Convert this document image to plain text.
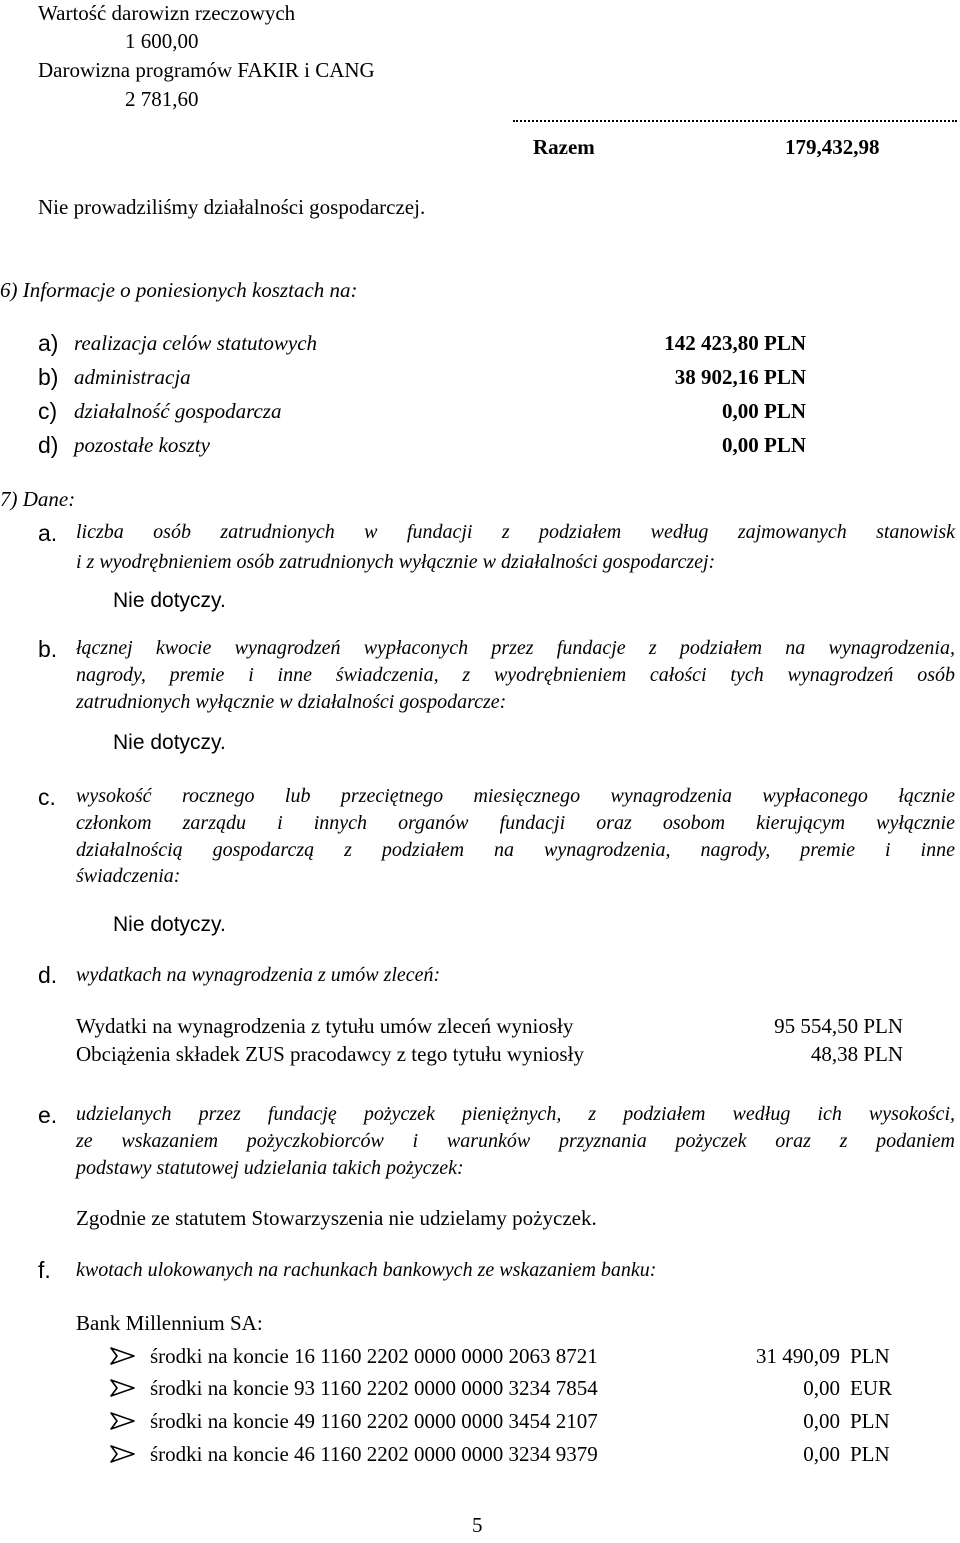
Wartość darowizn rzeczowych
1 600,00
Darowizna programów FAKIR i CANG
2 781,60
Razem	179,432,98
Nie prowadziliśmy działalności gospodarczej.
6) Informacje o poniesionych kosztach na:
a) realizacja celów statutowych	142 423,80 PLN
b) administracja	38 902,16 PLN
c) działalność gospodarcza	0,00 PLN
d) pozostałe koszty	0,00 PLN
7) Dane:
a. liczba osób zatrudnionych w fundacji z podziałem według zajmowanych stanowisk
i z wyodrębnieniem osób zatrudnionych wyłącznie w działalności gospodarczej:
Nie dotyczy.
b. łącznej kwocie wynagrodzeń wypłaconych przez fundacje z podziałem na wynagrodzenia,
nagrody, premie i inne świadczenia, z wyodrębnieniem całości tych wynagrodzeń osób
zatrudnionych wyłącznie w działalności gospodarcze:
Nie dotyczy.
c. wysokość rocznego lub przeciętnego miesięcznego wynagrodzenia wypłaconego łącznie
członkom zarządu i innych organów fundacji oraz osobom kierującym wyłącznie
działalnością gospodarczą z podziałem na wynagrodzenia, nagrody, premie i inne
świadczenia:
Nie dotyczy.
d. wydatkach na wynagrodzenia z umów zleceń:
Wydatki na wynagrodzenia z tytułu umów zleceń wyniosły	95 554,50 PLN
Obciążenia składek ZUS pracodawcy z tego tytułu wyniosły	48,38 PLN
e. udzielanych przez fundację pożyczek pieniężnych, z podziałem według ich wysokości,
ze wskazaniem pożyczkobiorców i warunków przyznania pożyczek oraz z podaniem
podstawy statutowej udzielania takich pożyczek:
Zgodnie ze statutem Stowarzyszenia nie udzielamy pożyczek.
f. kwotach ulokowanych na rachunkach bankowych ze wskazaniem banku:
Bank Millennium SA:
środki na koncie 16 1160 2202 0000 0000 2063 8721	31 490,09 PLN
środki na koncie 93 1160 2202 0000 0000 3234 7854	0,00 EUR
środki na koncie 49 1160 2202 0000 0000 3454 2107	0,00 PLN
środki na koncie 46 1160 2202 0000 0000 3234 9379	0,00 PLN
5
